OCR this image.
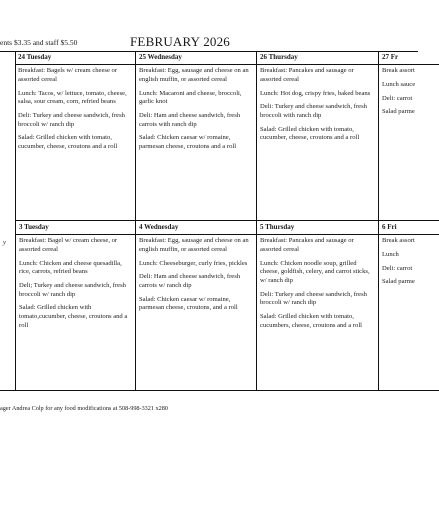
ents $3.35 and staff $5.50	FEBRUARY 2026
24 Tuesday

Breakfast: Bagels w/ cream cheese or assorted cereal

Lunch: Tacos, w/ lettuce, tomato, cheese, salsa, sour cream, corn, refried beans

Deli: Turkey and cheese sandwich, fresh broccoli w/ ranch dip

Salad: Grilled chicken with tomato, cucumber, cheese, croutons and a roll

25 Wednesday

Breakfast: Egg, sausage and cheese on an english muffin, or assorted cereal

Lunch: Macaroni and cheese, broccoli, garlic knot

Deli: Ham and cheese sandwich, fresh carrots with ranch dip

Salad: Chicken caesar w/ romaine, parmesan cheese, croutons and a roll

26 Thursday

Breakfast: Pancakes and sausage or assorted cereal

Lunch: Hot dog, crispy fries, baked beans

Deli: Turkey and cheese sandwich, fresh broccoli with ranch dip

Salad: Grilled chicken with tomato, cucumber, cheese, croutons and a roll

27 Fr

Break assort

Lunch sauce

Deli: carrot

Salad parme

y

3 Tuesday

Breakfast: Bagel w/ cream cheese, or assorted cereal

Lunch: Chicken and cheese quesadilla, rice, carrots, refried beans

Deli; Turkey and cheese sandwich, fresh broccoli w/ ranch dip

Salad: Grilled chicken with tomato,cucumber, cheese, croutons and a roll

4 Wednesday

Breakfast: Egg, sausage and cheese on an english muffin, or assorted cereal

Lunch: Cheeseburger, curly fries, pickles

Deli: Ham and cheese sandwich, fresh carrots w/ ranch dip

Salad: Chicken caesar w/ romaine, parmesan cheese, croutons, and a roll

5 Thursday

Breakfast: Pancakes and sausage or assorted cereal

Lunch: Chicken noodle soup, grilled cheese, goldfish, celery, and carrot sticks, w/ ranch dip

Deli: Turkey and cheese sandwich, fresh broccoli w/ ranch dip

Salad: Grilled chicken with tomato, cucumbers, cheese, croutons and a roll

6 Fri

Break assort

Lunch

Deli: carrot

Salad parme

ager Andrea Colp for any food modifications at 508-998-3321 x280
